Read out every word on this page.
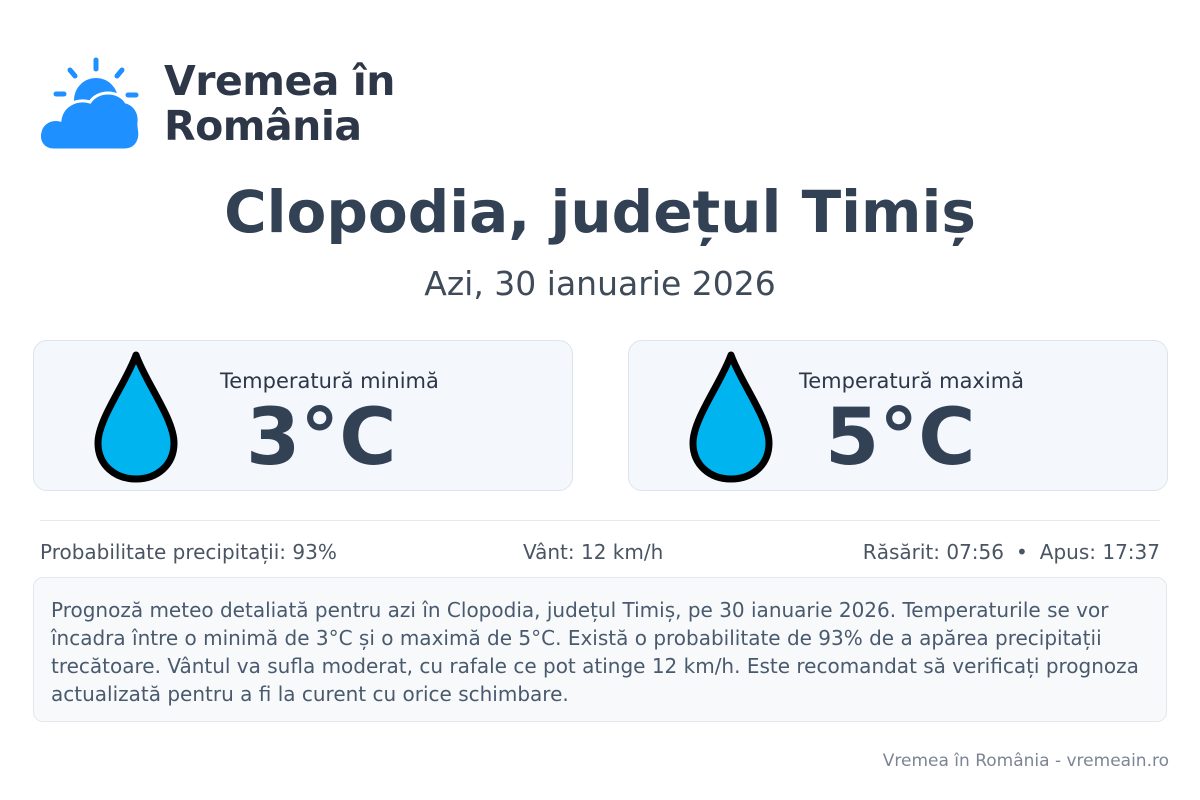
Vremea în
România
Clopodia, județul Timiș
Azi, 30 ianuarie 2026
Temperatură minimă
3°C
Temperatură maximă
5°C
Probabilitate precipitații: 93%	Vânt: 12 km/h	Răsărit: 07:56 • Apus: 17:37
Prognoză meteo detaliată pentru azi în Clopodia, județul Timiș, pe 30 ianuarie 2026. Temperaturile se vor încadra între o minimă de 3°C și o maximă de 5°C. Există o probabilitate de 93% de a apărea precipitații trecătoare. Vântul va sufla moderat, cu rafale ce pot atinge 12 km/h. Este recomandat să verificați prognoza actualizată pentru a fi la curent cu orice schimbare.
Vremea în România - vremeain.ro
